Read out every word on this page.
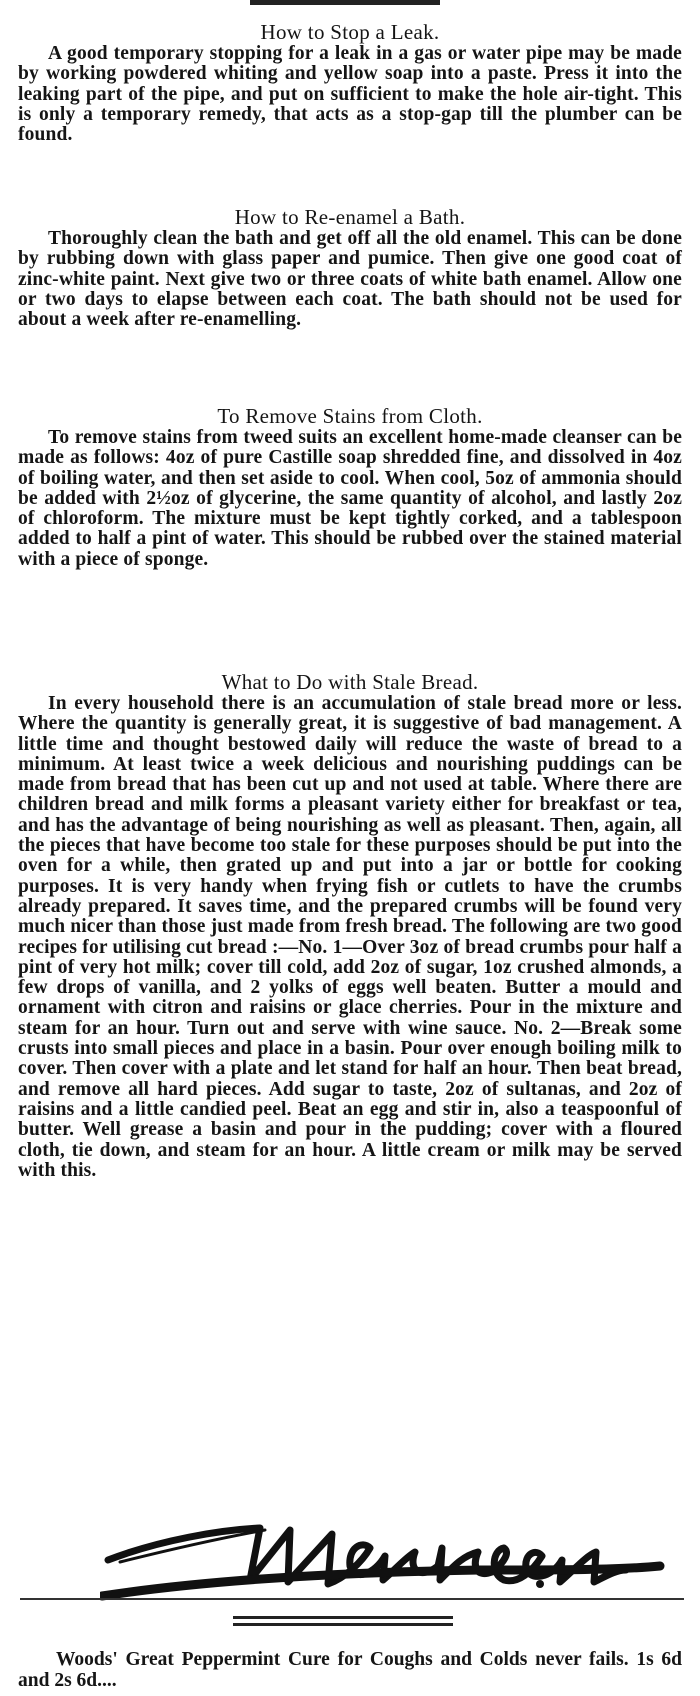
How to Stop a Leak.

A good temporary stopping for a leak in a gas or water pipe may be made by working powdered whiting and yellow soap into a paste. Press it into the leaking part of the pipe, and put on sufficient to make the hole air-tight. This is only a temporary remedy, that acts as a stop-gap till the plumber can be found.

How to Re-enamel a Bath.

Thoroughly clean the bath and get off all the old enamel. This can be done by rubbing down with glass paper and pumice. Then give one good coat of zinc-white paint. Next give two or three coats of white bath enamel. Allow one or two days to elapse between each coat. The bath should not be used for about a week after re-enamelling.

To Remove Stains from Cloth.

To remove stains from tweed suits an excellent home-made cleanser can be made as follows: 4oz of pure Castille soap shredded fine, and dissolved in 4oz of boiling water, and then set aside to cool. When cool, 5oz of ammonia should be added with 2½oz of glycerine, the same quantity of alcohol, and lastly 2oz of chloroform. The mixture must be kept tightly corked, and a tablespoon added to half a pint of water. This should be rubbed over the stained material with a piece of sponge.

What to Do with Stale Bread.

In every household there is an accumulation of stale bread more or less. Where the quantity is generally great, it is suggestive of bad management. A little time and thought bestowed daily will reduce the waste of bread to a minimum. At least twice a week delicious and nourishing puddings can be made from bread that has been cut up and not used at table. Where there are children bread and milk forms a pleasant variety either for breakfast or tea, and has the advantage of being nourishing as well as pleasant. Then, again, all the pieces that have become too stale for these purposes should be put into the oven for a while, then grated up and put into a jar or bottle for cooking purposes. It is very handy when frying fish or cutlets to have the crumbs already prepared. It saves time, and the prepared crumbs will be found very much nicer than those just made from fresh bread. The following are two good recipes for utilising cut bread :—No. 1—Over 3oz of bread crumbs pour half a pint of very hot milk; cover till cold, add 2oz of sugar, 1oz crushed almonds, a few drops of vanilla, and 2 yolks of eggs well beaten. Butter a mould and ornament with citron and raisins or glace cherries. Pour in the mixture and steam for an hour. Turn out and serve with wine sauce. No. 2—Break some crusts into small pieces and place in a basin. Pour over enough boiling milk to cover. Then cover with a plate and let stand for half an hour. Then beat bread, and remove all hard pieces. Add sugar to taste, 2oz of sultanas, and 2oz of raisins and a little candied peel. Beat an egg and stir in, also a teaspoonful of butter. Well grease a basin and pour in the pudding; cover with a floured cloth, tie down, and steam for an hour. A little cream or milk may be served with this.

Woods' Great Peppermint Cure for Coughs and Colds never fails. 1s 6d and 2s 6d....
